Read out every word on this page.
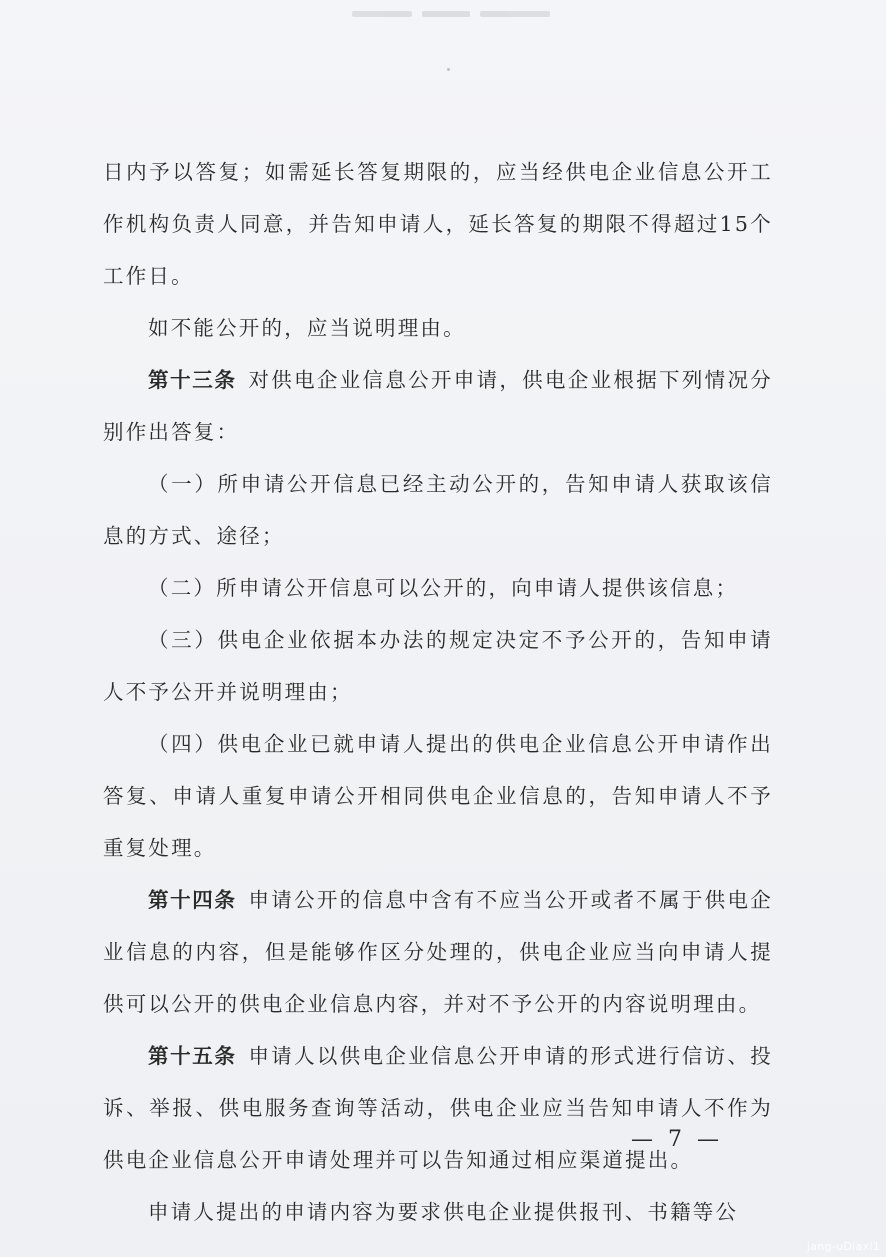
日内予以答复；如需延长答复期限的，应当经供电企业信息公开工作机构负责人同意，并告知申请人，延长答复的期限不得超过15个工作日。

如不能公开的，应当说明理由。

第十三条 对供电企业信息公开申请，供电企业根据下列情况分别作出答复：

（一）所申请公开信息已经主动公开的，告知申请人获取该信息的方式、途径；

（二）所申请公开信息可以公开的，向申请人提供该信息；

（三）供电企业依据本办法的规定决定不予公开的，告知申请人不予公开并说明理由；

（四）供电企业已就申请人提出的供电企业信息公开申请作出答复、申请人重复申请公开相同供电企业信息的，告知申请人不予重复处理。

第十四条 申请公开的信息中含有不应当公开或者不属于供电企业信息的内容，但是能够作区分处理的，供电企业应当向申请人提供可以公开的供电企业信息内容，并对不予公开的内容说明理由。

第十五条 申请人以供电企业信息公开申请的形式进行信访、投诉、举报、供电服务查询等活动，供电企业应当告知申请人不作为供电企业信息公开申请处理并可以告知通过相应渠道提出。

申请人提出的申请内容为要求供电企业提供报刊、书籍等公

— 7 —
jang-uDiaxl1
